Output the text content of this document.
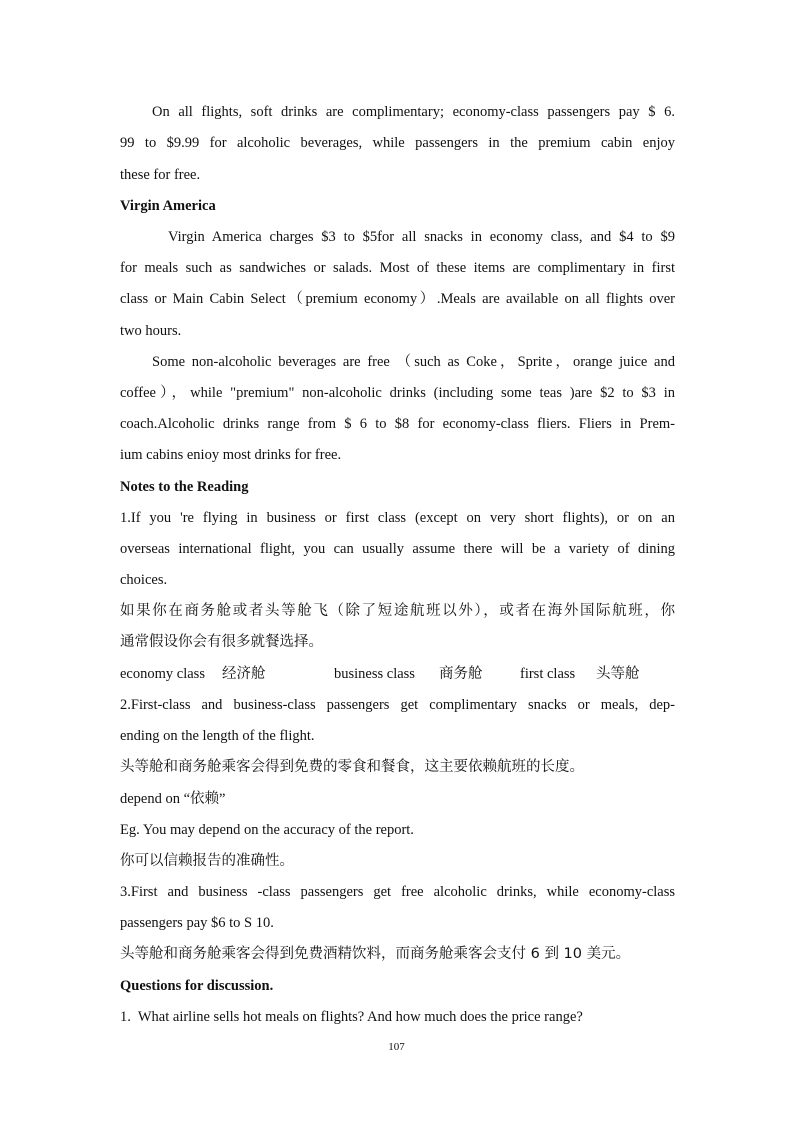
On all flights, soft drinks are complimentary; economy-class passengers pay $ 6.
99 to $9.99 for alcoholic beverages, while passengers in the premium cabin enjoy
these for free.
Virgin America
Virgin America charges $3 to $5for all snacks in economy class, and $4 to $9
for meals such as sandwiches or salads. Most of these items are complimentary in first
class or Main Cabin Select（premium economy）.Meals are available on all flights over
two hours.
Some non-alcoholic beverages are free （such as Coke，Sprite，orange juice and
coffee），while "premium" non-alcoholic drinks (including some teas )are $2 to $3 in
coach.Alcoholic drinks range from $ 6 to $8 for economy-class fliers. Fliers in Prem-
ium cabins enioy most drinks for free.
Notes to the Reading
1.If you 're flying in business or first class (except on very short flights), or on an
overseas international flight, you can usually assume there will be a variety of dining
choices.
如果你在商务舱或者头等舱飞（除了短途航班以外），或者在海外国际航班，你
通常假设你会有很多就餐选择。
economy class 经济舱	business class 商务舱	first class 头等舱
2.First-class and business-class passengers get complimentary snacks or meals, dep-
ending on the length of the flight.
头等舱和商务舱乘客会得到免费的零食和餐食，这主要依赖航班的长度。
depend on “依赖”
Eg. You may depend on the accuracy of the report.
你可以信赖报告的准确性。
3.First and business -class passengers get free alcoholic drinks, while economy-class
passengers pay $6 to S 10.
头等舱和商务舱乘客会得到免费酒精饮料，而商务舱乘客会支付 6 到 10 美元。
Questions for discussion.
1.  What airline sells hot meals on flights? And how much does the price range?
107
